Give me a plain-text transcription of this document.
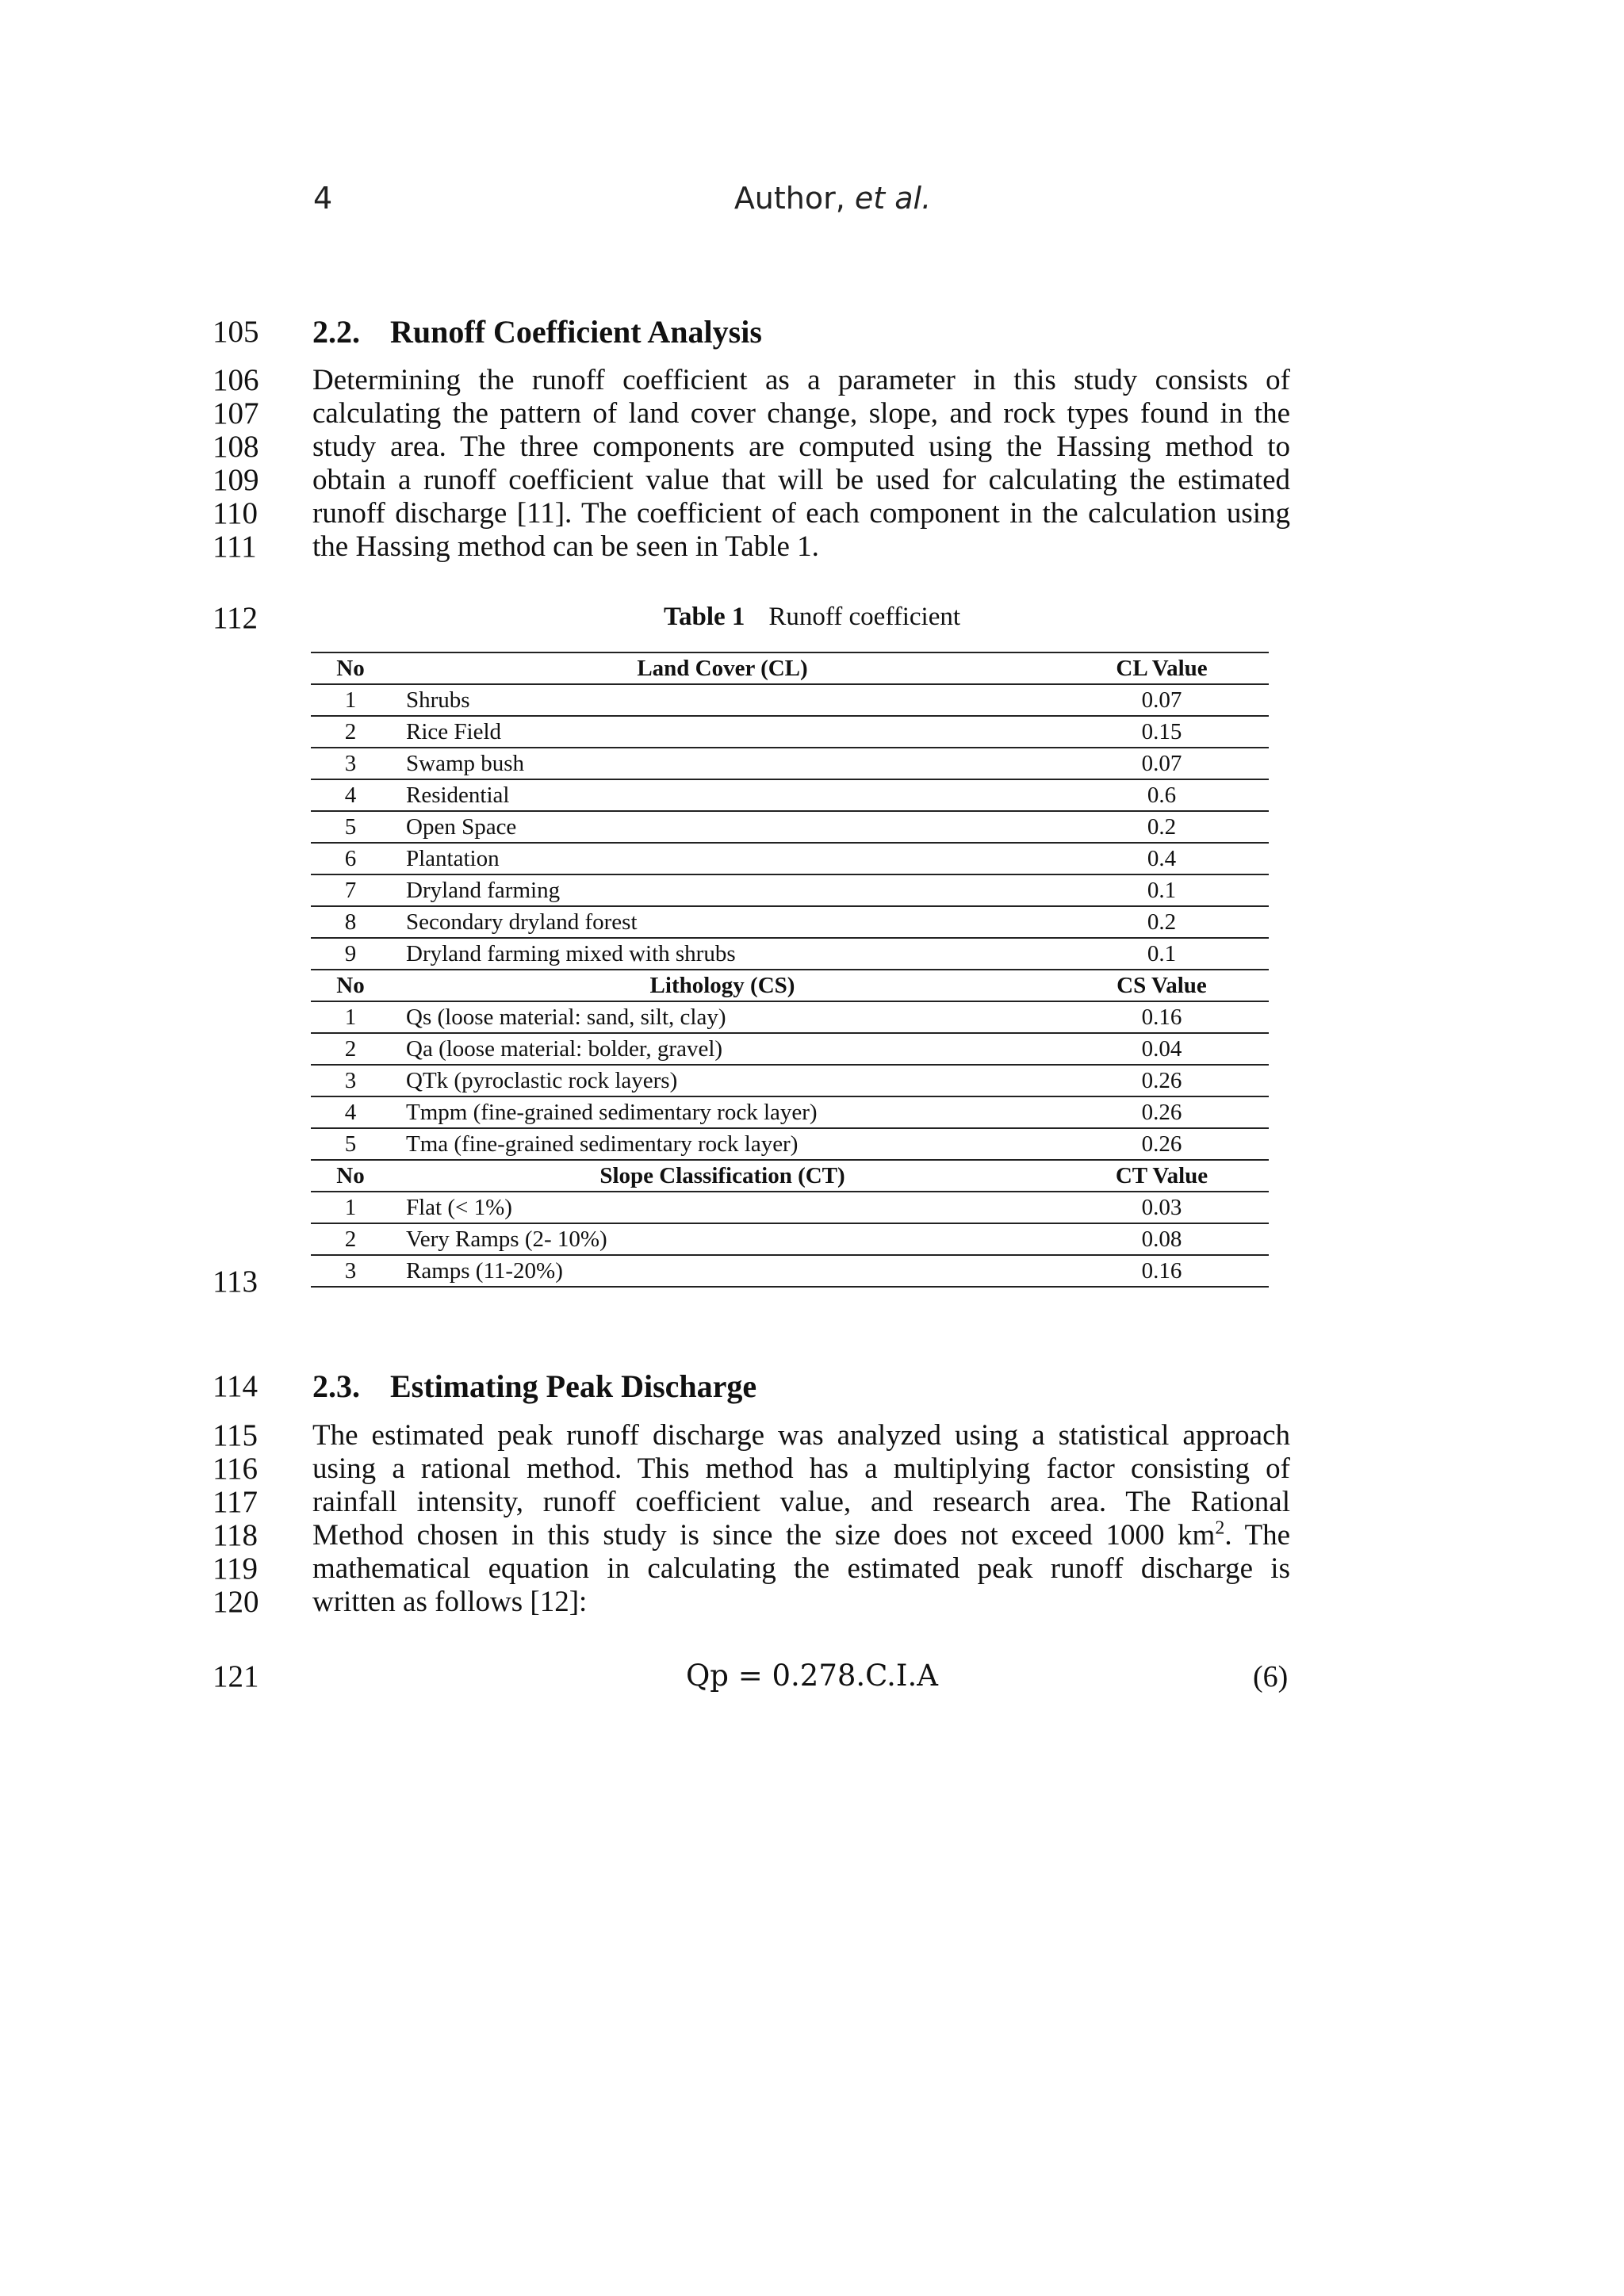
4	Author, et al.
105
106
107
108
109
110
111
112
113
114
115
116
117
118
119
120
121
2.2. Runoff Coefficient Analysis
Determining the runoff coefficient as a parameter in this study consists of
calculating the pattern of land cover change, slope, and rock types found in the
study area. The three components are computed using the Hassing method to
obtain a runoff coefficient value that will be used for calculating the estimated
runoff discharge [11]. The coefficient of each component in the calculation using
the Hassing method can be seen in Table 1.
Table 1 Runoff coefficient
No	Land Cover (CL)	CL Value
1	Shrubs	0.07
2	Rice Field	0.15
3	Swamp bush	0.07
4	Residential	0.6
5	Open Space	0.2
6	Plantation	0.4
7	Dryland farming	0.1
8	Secondary dryland forest	0.2
9	Dryland farming mixed with shrubs	0.1
No	Lithology (CS)	CS Value
1	Qs (loose material: sand, silt, clay)	0.16
2	Qa (loose material: bolder, gravel)	0.04
3	QTk (pyroclastic rock layers)	0.26
4	Tmpm (fine-grained sedimentary rock layer)	0.26
5	Tma (fine-grained sedimentary rock layer)	0.26
No	Slope Classification (CT)	CT Value
1	Flat (< 1%)	0.03
2	Very Ramps (2- 10%)	0.08
3	Ramps (11-20%)	0.16
2.3. Estimating Peak Discharge
The estimated peak runoff discharge was analyzed using a statistical approach
using a rational method. This method has a multiplying factor consisting of
rainfall intensity, runoff coefficient value, and research area. The Rational
Method chosen in this study is since the size does not exceed 1000 $km^2$. The
mathematical equation in calculating the estimated peak runoff discharge is
written as follows [12]:
Qp = 0.278.C.I.A	(6)
